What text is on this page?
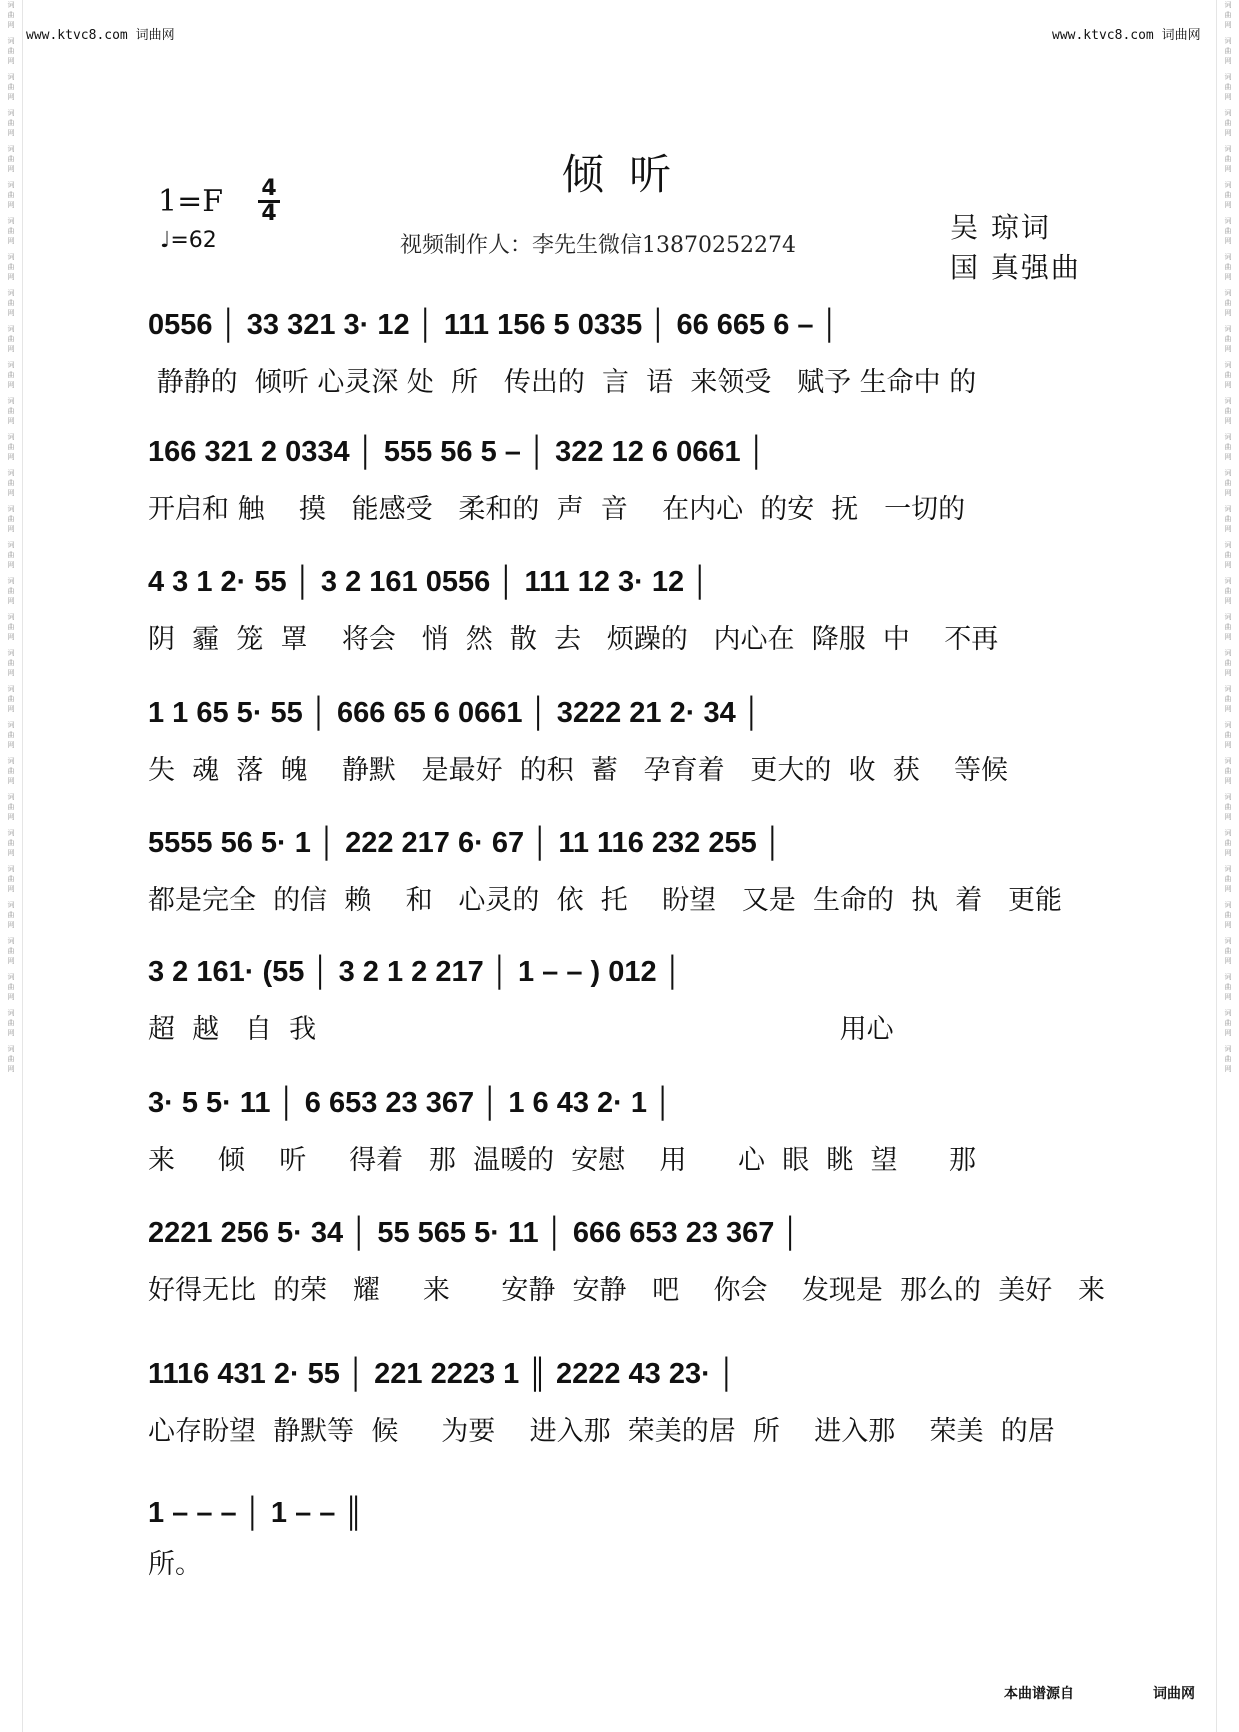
词
曲
网
词
曲
网
词
曲
网
词
曲
网
词
曲
网
词
曲
网
词
曲
网
词
曲
网
词
曲
网
词
曲
网
词
曲
网
词
曲
网
词
曲
网
词
曲
网
词
曲
网
词
曲
网
词
曲
网
词
曲
网
词
曲
网
词
曲
网
词
曲
网
词
曲
网
词
曲
网
词
曲
网
词
曲
网
词
曲
网
词
曲
网
词
曲
网
词
曲
网
词
曲
网
词
曲
网
词
曲
网
词
曲
网
词
曲
网
词
曲
网
词
曲
网
词
曲
网
词
曲
网
词
曲
网
词
曲
网
词
曲
网
词
曲
网
词
曲
网
词
曲
网
词
曲
网
词
曲
网
词
曲
网
词
曲
网
词
曲
网
词
曲
网
词
曲
网
词
曲
网
词
曲
网
词
曲
网
词
曲
网
词
曲
网
词
曲
网
词
曲
网
词
曲
网
词
曲
网
www.ktvc8.com 词曲网	www.ktvc8.com 词曲网
倾 听
$1=F \frac{4}{4}$
♩=62	视频制作人：李先生微信13870252274
吴 琼词
国 真强曲
0556 │ 33 321 3· 12 │ 111 156 5 0335 │ 66 665 6 – │
静静的  倾听 心灵深 处  所   传出的  言  语  来领受   赋予 生命中 的
166 321 2 0334 │ 555 56 5 – │ 322 12 6 0661 │
开启和 触    摸   能感受   柔和的  声  音    在内心  的安  抚   一切的
4 3 1 2· 55 │ 3 2 161 0556 │ 111 12 3· 12 │
阴  霾  笼  罩    将会   悄  然  散  去   烦躁的   内心在  降服  中    不再
1 1 65 5· 55 │ 666 65 6 0661 │ 3222 21 2· 34 │
失  魂  落  魄    静默   是最好  的积  蓄   孕育着   更大的  收  获    等候
5555 56 5· 1 │ 222 217 6· 67 │ 11 116 232 255 │
都是完全  的信  赖    和   心灵的  依  托    盼望   又是  生命的  执  着   更能
3 2 161· (55 │ 3 2 1 2 217 │ 1 – – ) 012 │
超  越   自  我                                                             用心
3· 5 5· 11 │ 6 653 23 367 │ 1 6 43 2· 1 │
来     倾    听     得着   那  温暖的  安慰    用      心  眼  眺  望      那
2221 256 5· 34 │ 55 565 5· 11 │ 666 653 23 367 │
好得无比  的荣   耀     来      安静  安静   吧    你会    发现是  那么的  美好   来
1116 431 2· 55 │ 221 2223 1 ║ 2222 43 23· │
心存盼望  静默等  候     为要    进入那  荣美的居  所    进入那    荣美  的居
1 – – – │ 1 – – ║
所。
本曲谱源自	词曲网
